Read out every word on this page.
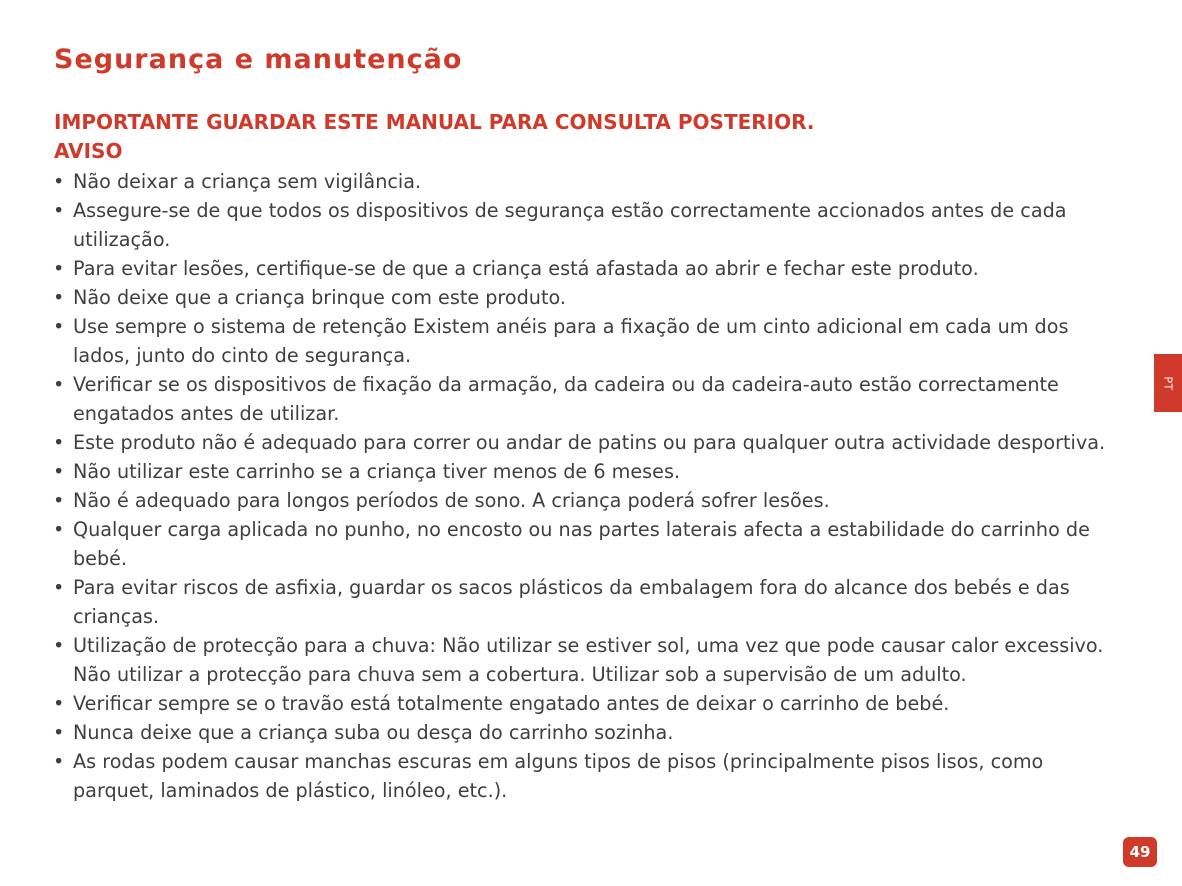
Segurança e manutenção
IMPORTANTE GUARDAR ESTE MANUAL PARA CONSULTA POSTERIOR.
AVISO
• Não deixar a criança sem vigilância.
• Assegure-se de que todos os dispositivos de segurança estão correctamente accionados antes de cada utilização.
• Para evitar lesões, certifique-se de que a criança está afastada ao abrir e fechar este produto.
• Não deixe que a criança brinque com este produto.
• Use sempre o sistema de retenção Existem anéis para a fixação de um cinto adicional em cada um dos lados, junto do cinto de segurança.
• Verificar se os dispositivos de fixação da armação, da cadeira ou da cadeira-auto estão correctamente engatados antes de utilizar.
• Este produto não é adequado para correr ou andar de patins ou para qualquer outra actividade desportiva.
• Não utilizar este carrinho se a criança tiver menos de 6 meses.
• Não é adequado para longos períodos de sono. A criança poderá sofrer lesões.
• Qualquer carga aplicada no punho, no encosto ou nas partes laterais afecta a estabilidade do carrinho de bebé.
• Para evitar riscos de asfixia, guardar os sacos plásticos da embalagem fora do alcance dos bebés e das crianças.
• Utilização de protecção para a chuva: Não utilizar se estiver sol, uma vez que pode causar calor excessivo. Não utilizar a protecção para chuva sem a cobertura. Utilizar sob a supervisão de um adulto.
• Verificar sempre se o travão está totalmente engatado antes de deixar o carrinho de bebé.
• Nunca deixe que a criança suba ou desça do carrinho sozinha.
• As rodas podem causar manchas escuras em alguns tipos de pisos (principalmente pisos lisos, como parquet, laminados de plástico, linóleo, etc.).
PT
49
